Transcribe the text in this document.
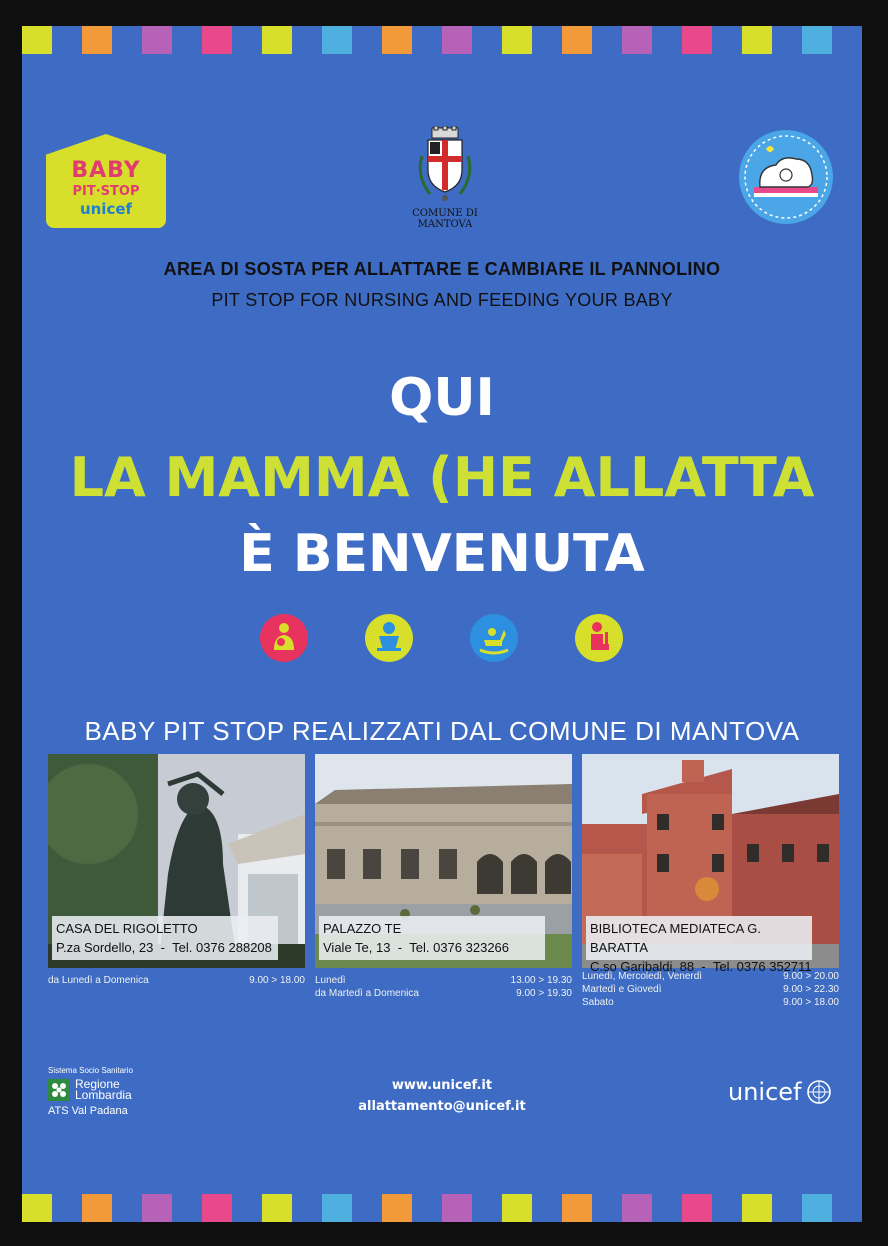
BABY
PIT·STOP
unicef	COMUNE DI
MANTOVA
AREA DI SOSTA PER ALLATTARE E CAMBIARE IL PANNOLINO
PIT STOP FOR NURSING AND FEEDING YOUR BABY
QUI
LA MAMMA (HE ALLATTA
È BENVENUTA
BABY PIT STOP REALIZZATI DAL COMUNE DI MANTOVA
CASA DEL RIGOLETTO
P.za Sordello, 23  -  Tel. 0376 288208
da Lunedì a Domenica	9.00 > 18.00
PALAZZO TE
Viale Te, 13  -  Tel. 0376 323266
Lunedì	13.00 > 19.30
da Martedì a Domenica	9.00 > 19.30
BIBLIOTECA MEDIATECA G. BARATTA
C.so Garibaldi, 88  -  Tel. 0376 352711
Lunedì, Mercoledì, Venerdì	9.00 > 20.00
Martedì e Giovedì	9.00 > 22.30
Sabato	9.00 > 18.00
Sistema Socio Sanitario
Regione Lombardia
ATS Val Padana
www.unicef.it
allattamento@unicef.it
unicef
